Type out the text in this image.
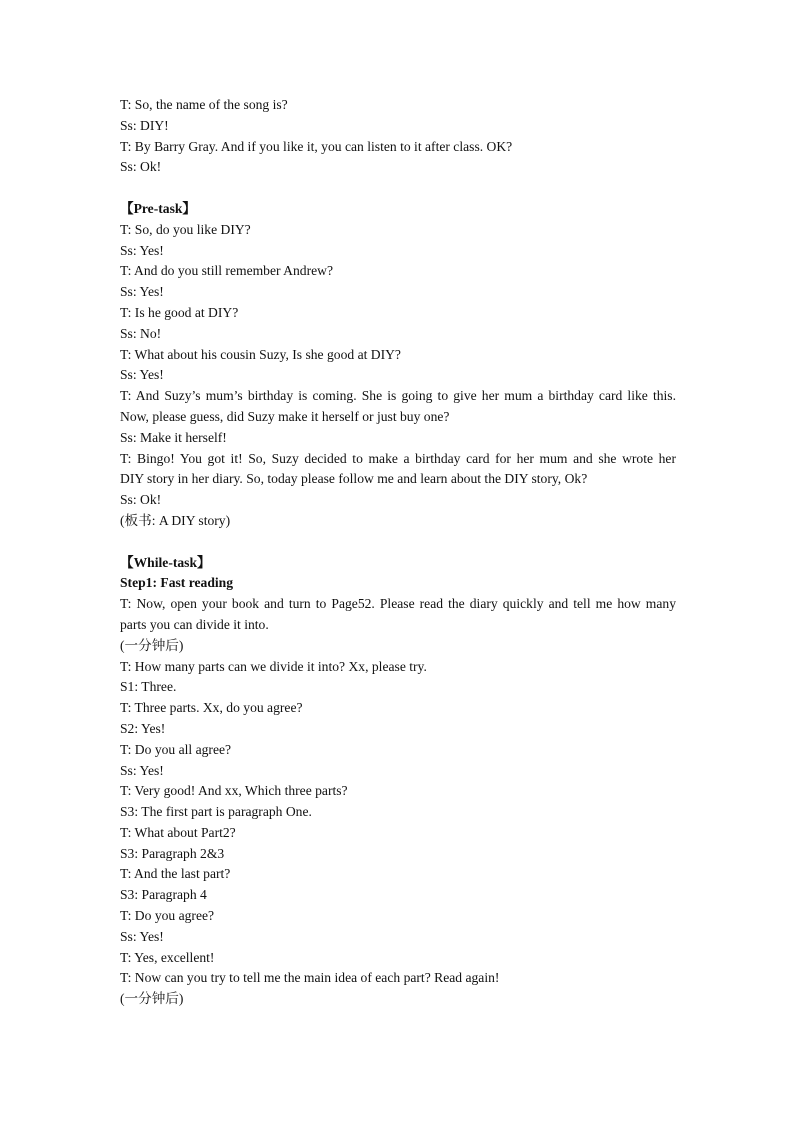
T: So, the name of the song is?
Ss: DIY!
T: By Barry Gray. And if you like it, you can listen to it after class. OK?
Ss: Ok!
【Pre-task】
T: So, do you like DIY?
Ss: Yes!
T: And do you still remember Andrew?
Ss: Yes!
T: Is he good at DIY?
Ss: No!
T: What about his cousin Suzy, Is she good at DIY?
Ss: Yes!
T: And Suzy’s mum’s birthday is coming. She is going to give her mum a birthday card like this.
Now, please guess, did Suzy make it herself or just buy one?
Ss: Make it herself!
T: Bingo! You got it! So, Suzy decided to make a birthday card for her mum and she wrote her
DIY story in her diary. So, today please follow me and learn about the DIY story, Ok?
Ss: Ok!
(板书: A DIY story)
【While-task】
Step1: Fast reading
T: Now, open your book and turn to Page52. Please read the diary quickly and tell me how many
parts you can divide it into.
(一分钟后)
T: How many parts can we divide it into? Xx, please try.
S1: Three.
T: Three parts. Xx, do you agree?
S2: Yes!
T: Do you all agree?
Ss: Yes!
T: Very good! And xx, Which three parts?
S3: The first part is paragraph One.
T: What about Part2?
S3: Paragraph 2&3
T: And the last part?
S3: Paragraph 4
T: Do you agree?
Ss: Yes!
T: Yes, excellent!
T: Now can you try to tell me the main idea of each part? Read again!
(一分钟后)
